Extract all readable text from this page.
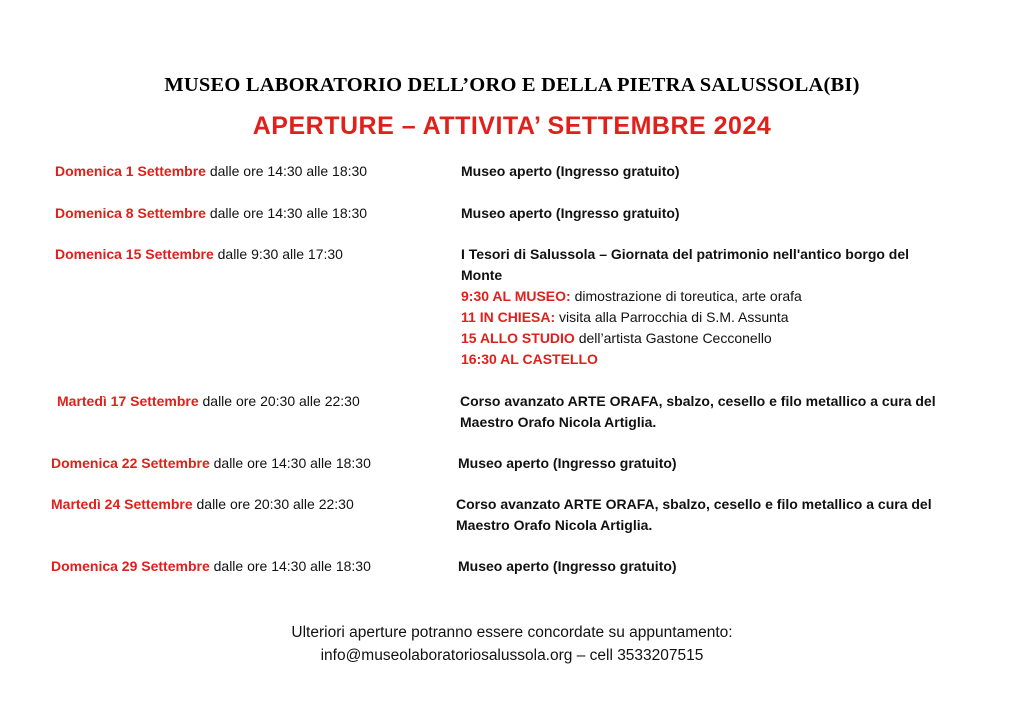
MUSEO LABORATORIO DELL’ORO E DELLA PIETRA SALUSSOLA(BI)
APERTURE – ATTIVITA’ SETTEMBRE 2024
Domenica 1 Settembre dalle ore 14:30 alle 18:30	Museo aperto (Ingresso gratuito)
Domenica 8 Settembre dalle ore 14:30 alle 18:30	Museo aperto (Ingresso gratuito)
Domenica 15 Settembre dalle 9:30 alle 17:30	I Tesori di Salussola – Giornata del patrimonio nell'antico borgo del Monte
9:30 AL MUSEO: dimostrazione di toreutica, arte orafa
11 IN CHIESA: visita alla Parrocchia di S.M. Assunta
15 ALLO STUDIO dell’artista Gastone Cecconello
16:30 AL CASTELLO
Martedì 17 Settembre dalle ore 20:30 alle 22:30	Corso avanzato ARTE ORAFA, sbalzo, cesello e filo metallico a cura del Maestro Orafo Nicola Artiglia.
Domenica 22 Settembre dalle ore 14:30 alle 18:30	Museo aperto (Ingresso gratuito)
Martedì 24 Settembre dalle ore 20:30 alle 22:30	Corso avanzato ARTE ORAFA, sbalzo, cesello e filo metallico a cura del Maestro Orafo Nicola Artiglia.
Domenica 29 Settembre dalle ore 14:30 alle 18:30	Museo aperto (Ingresso gratuito)
Ulteriori aperture potranno essere concordate su appuntamento:
info@museolaboratoriosalussola.org – cell 3533207515
